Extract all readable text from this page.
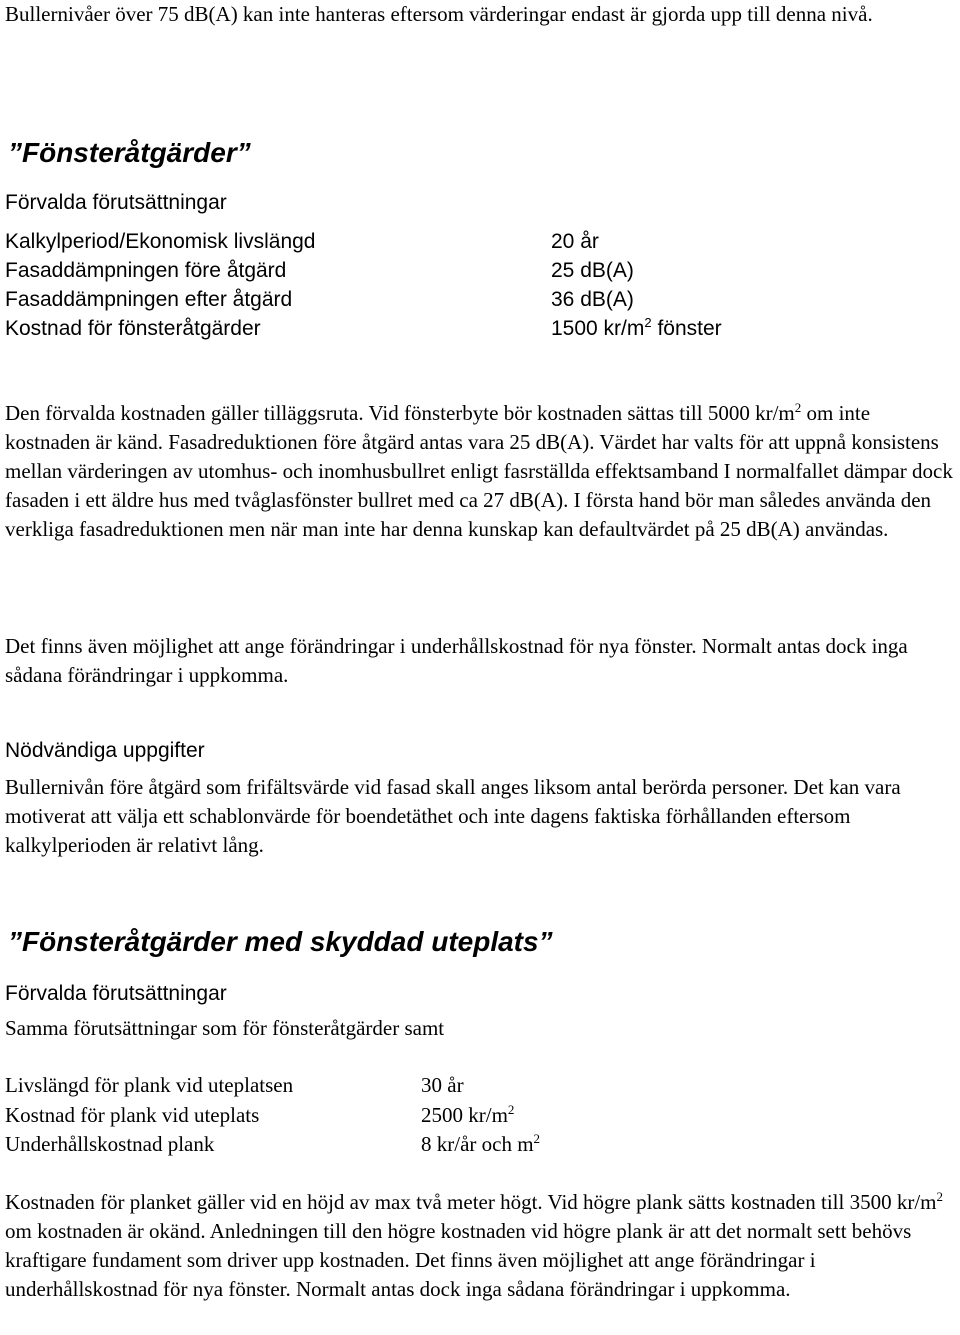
Bullernivåer över 75 dB(A) kan inte hanteras eftersom värderingar endast är gjorda upp till denna nivå.

”Fönsteråtgärder”
Förvalda förutsättningar
Kalkylperiod/Ekonomisk livslängd	20 år
Fasaddämpningen före åtgärd	25 dB(A)
Fasaddämpningen efter åtgärd	36 dB(A)
Kostnad för fönsteråtgärder	1500 $kr/m^2$ fönster

Den förvalda kostnaden gäller tilläggsruta. Vid fönsterbyte bör kostnaden sättas till 5000 $kr/m^2$ om inte kostnaden är känd. Fasadreduktionen före åtgärd antas vara 25 dB(A). Värdet har valts för att uppnå konsistens mellan värderingen av utomhus- och inomhusbullret enligt fasrställda effektsamband I normalfallet dämpar dock fasaden i ett äldre hus med tvåglasfönster bullret med ca 27 dB(A). I första hand bör man således använda den verkliga fasadreduktionen men när man inte har denna kunskap kan defaultvärdet på 25 dB(A) användas.

Det finns även möjlighet att ange förändringar i underhållskostnad för nya fönster. Normalt antas dock inga sådana förändringar i uppkomma.

Nödvändiga uppgifter

Bullernivån före åtgärd som frifältsvärde vid fasad skall anges liksom antal berörda personer. Det kan vara motiverat att välja ett schablonvärde för boendetäthet och inte dagens faktiska förhållanden eftersom kalkylperioden är relativt lång.

”Fönsteråtgärder med skyddad uteplats”
Förvalda förutsättningar

Samma förutsättningar som för fönsteråtgärder samt

Livslängd för plank vid uteplatsen	30 år
Kostnad för plank vid uteplats	2500 $kr/m^2$
Underhållskostnad plank	8 kr/år och $m^2$

Kostnaden för planket gäller vid en höjd av max två meter högt. Vid högre plank sätts kostnaden till 3500 $kr/m^2$ om kostnaden är okänd. Anledningen till den högre kostnaden vid högre plank är att det normalt sett behövs kraftigare fundament som driver upp kostnaden. Det finns även möjlighet att ange förändringar i underhållskostnad för nya fönster. Normalt antas dock inga sådana förändringar i uppkomma.
